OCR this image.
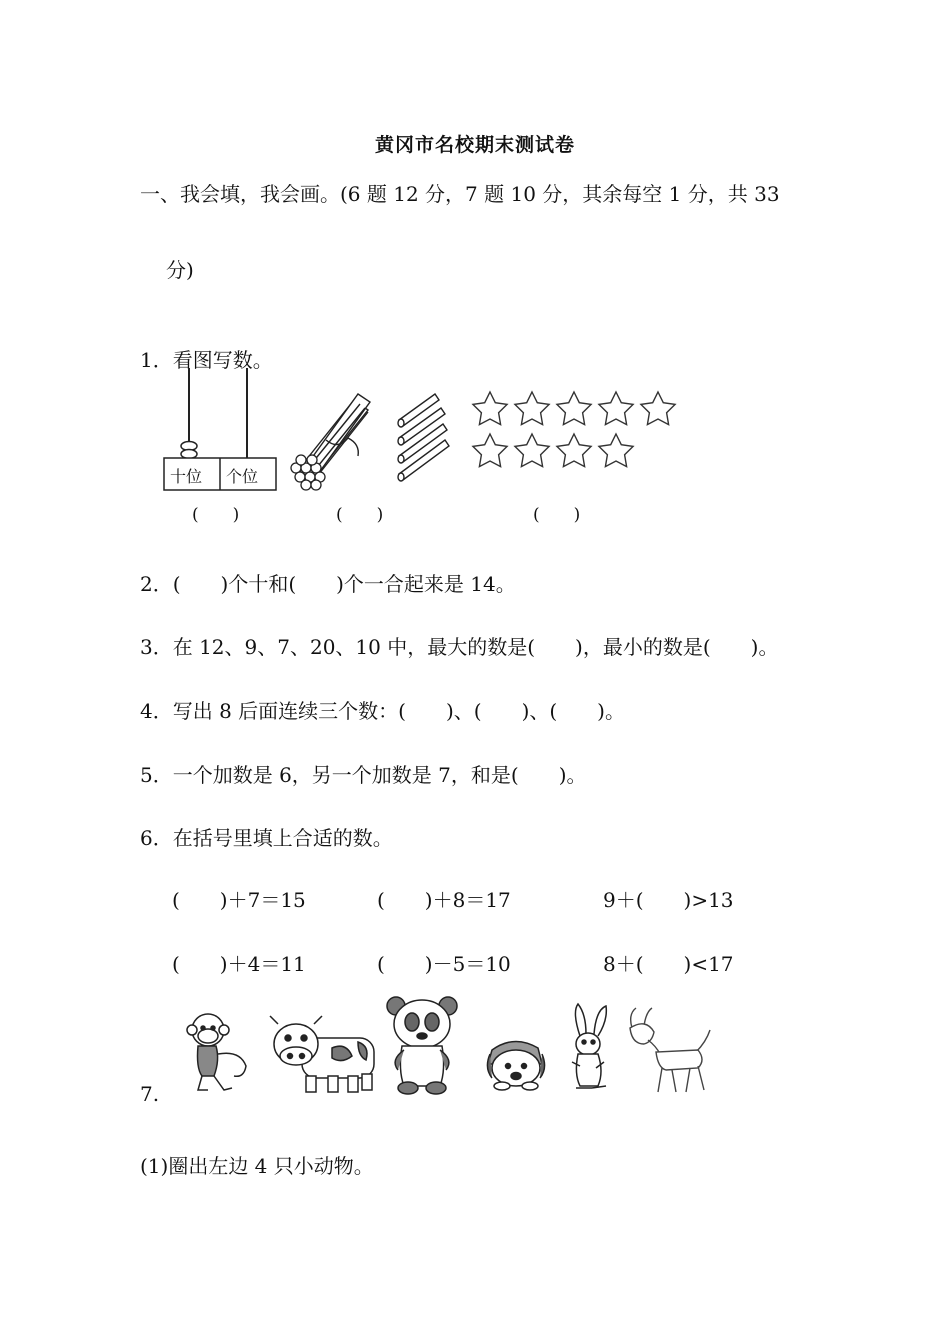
黄冈市名校期末测试卷
一、我会填，我会画。(6 题 12 分，7 题 10 分，其余每空 1 分，共 33
分)
1．看图写数。
十位 个位
(　　)	(　　)	(　　)
2．(　　)个十和(　　)个一合起来是 14。
3．在 12、9、7、20、10 中，最大的数是(　　)，最小的数是(　　)。
4．写出 8 后面连续三个数：(　　)、(　　)、(　　)。
5．一个加数是 6，另一个加数是 7，和是(　　)。
6．在括号里填上合适的数。
(　　)＋7＝15	(　　)＋8＝17	9＋(　　)>13
(　　)＋4＝11	(　　)－5＝10	8＋(　　)<17
7.
(1)圈出左边 4 只小动物。
